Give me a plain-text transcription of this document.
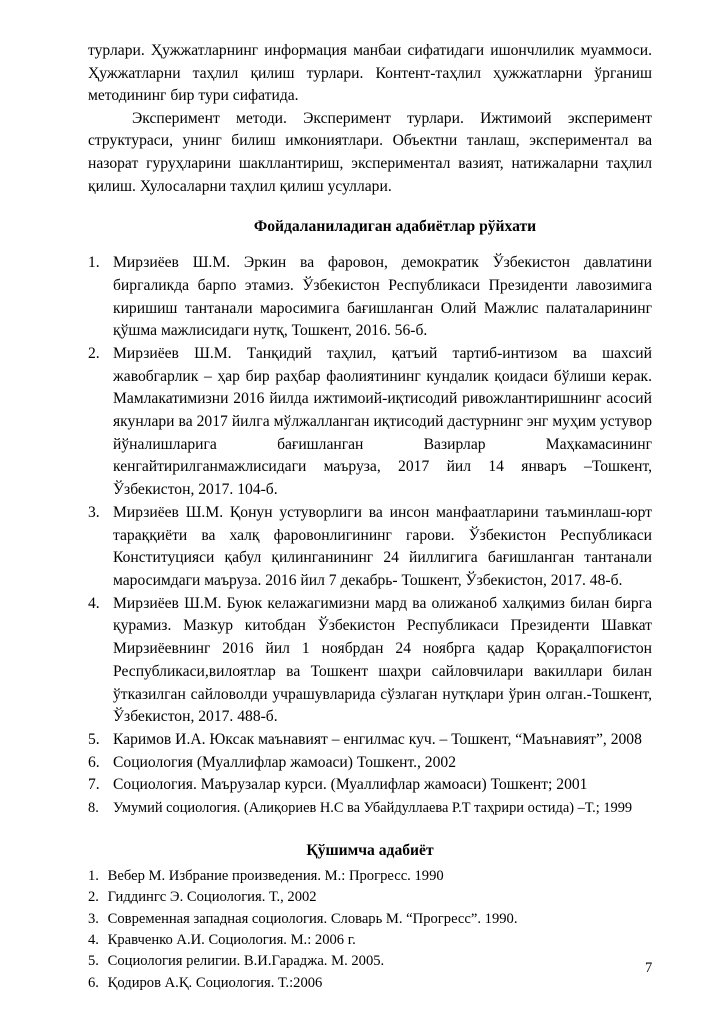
турлари. Ҳужжатларнинг информация манбаи сифатидаги ишончлилик муаммоси. Ҳужжатларни таҳлил қилиш турлари. Контент-таҳлил ҳужжатларни ўрганиш методининг бир тури сифатида.

Эксперимент методи. Эксперимент турлари. Ижтимоий эксперимент структураси, унинг билиш имкониятлари. Объектни танлаш, экспериментал ва назорат гуруҳларини шакллантириш, экспериментал вазият, натижаларни таҳлил қилиш. Хулосаларни таҳлил қилиш усуллари.

Фойдаланиладиган адабиётлар рўйхати
1. Мирзиёев Ш.М. Эркин ва фаровон, демократик Ўзбекистон давлатини биргаликда барпо этамиз. Ўзбекистон Республикаси Президенти лавозимига киришиш тантанали маросимига бағишланган Олий Мажлис палаталарининг қўшма мажлисидаги нутқ, Тошкент, 2016. 56-б.
2. Мирзиёев Ш.М. Танқидий таҳлил, қатъий тартиб-интизом ва шахсий жавобгарлик – ҳар бир раҳбар фаолиятининг кундалик қоидаси бўлиши керак. Мамлакатимизни 2016 йилда ижтимоий-иқтисодий ривожлантиришнинг асосий якунлари ва 2017 йилга мўлжалланган иқтисодий дастурнинг энг муҳим устувор йўналишларига бағишланган Вазирлар Маҳкамасининг кенгайтирилганмажлисидаги маъруза, 2017 йил 14 январъ –Тошкент, Ўзбекистон, 2017. 104-б.
3. Мирзиёев Ш.М. Қонун устуворлиги ва инсон манфаатларини таъминлаш-юрт тараққиёти ва халқ фаровонлигининг гарови. Ўзбекистон Республикаси Конституцияси қабул қилинганининг 24 йиллигига бағишланган тантанали маросимдаги маъруза. 2016 йил 7 декабрь- Тошкент, Ўзбекистон, 2017. 48-б.
4. Мирзиёев Ш.М. Буюк келажагимизни мард ва олижаноб халқимиз билан бирга қурамиз. Мазкур китобдан Ўзбекистон Республикаси Президенти Шавкат Мирзиёевнинг 2016 йил 1 ноябрдан 24 ноябрга қадар Қорақалпоғистон Республикаси,вилоятлар ва Тошкент шаҳри сайловчилари вакиллари билан ўтказилган сайловолди учрашувларида сўзлаган нутқлари ўрин олган.-Тошкент, Ўзбекистон, 2017. 488-б.
5. Каримов И.А. Юксак маънавият – енгилмас куч. – Тошкент, “Маънавият”, 2008
6. Социология (Муаллифлар жамоаси) Тошкент., 2002
7. Социология. Маърузалар курси. (Муаллифлар жамоаси) Тошкент; 2001
8. Умумий социология. (Алиқориев Н.С ва Убайдуллаева Р.Т таҳрири остида) –Т.; 1999
Қўшимча адабиёт
1. Вебер М. Избрание произведения. М.: Прогресс. 1990
2. Гиддингс Э. Социология. Т., 2002
3. Современная западная социология. Словарь М. “Прогресс”. 1990.
4. Кравченко А.И. Социология. М.: 2006 г.
5. Социология религии. В.И.Гараджа. М. 2005.
6. Қодиров А.Қ. Социология. Т.:2006
7
